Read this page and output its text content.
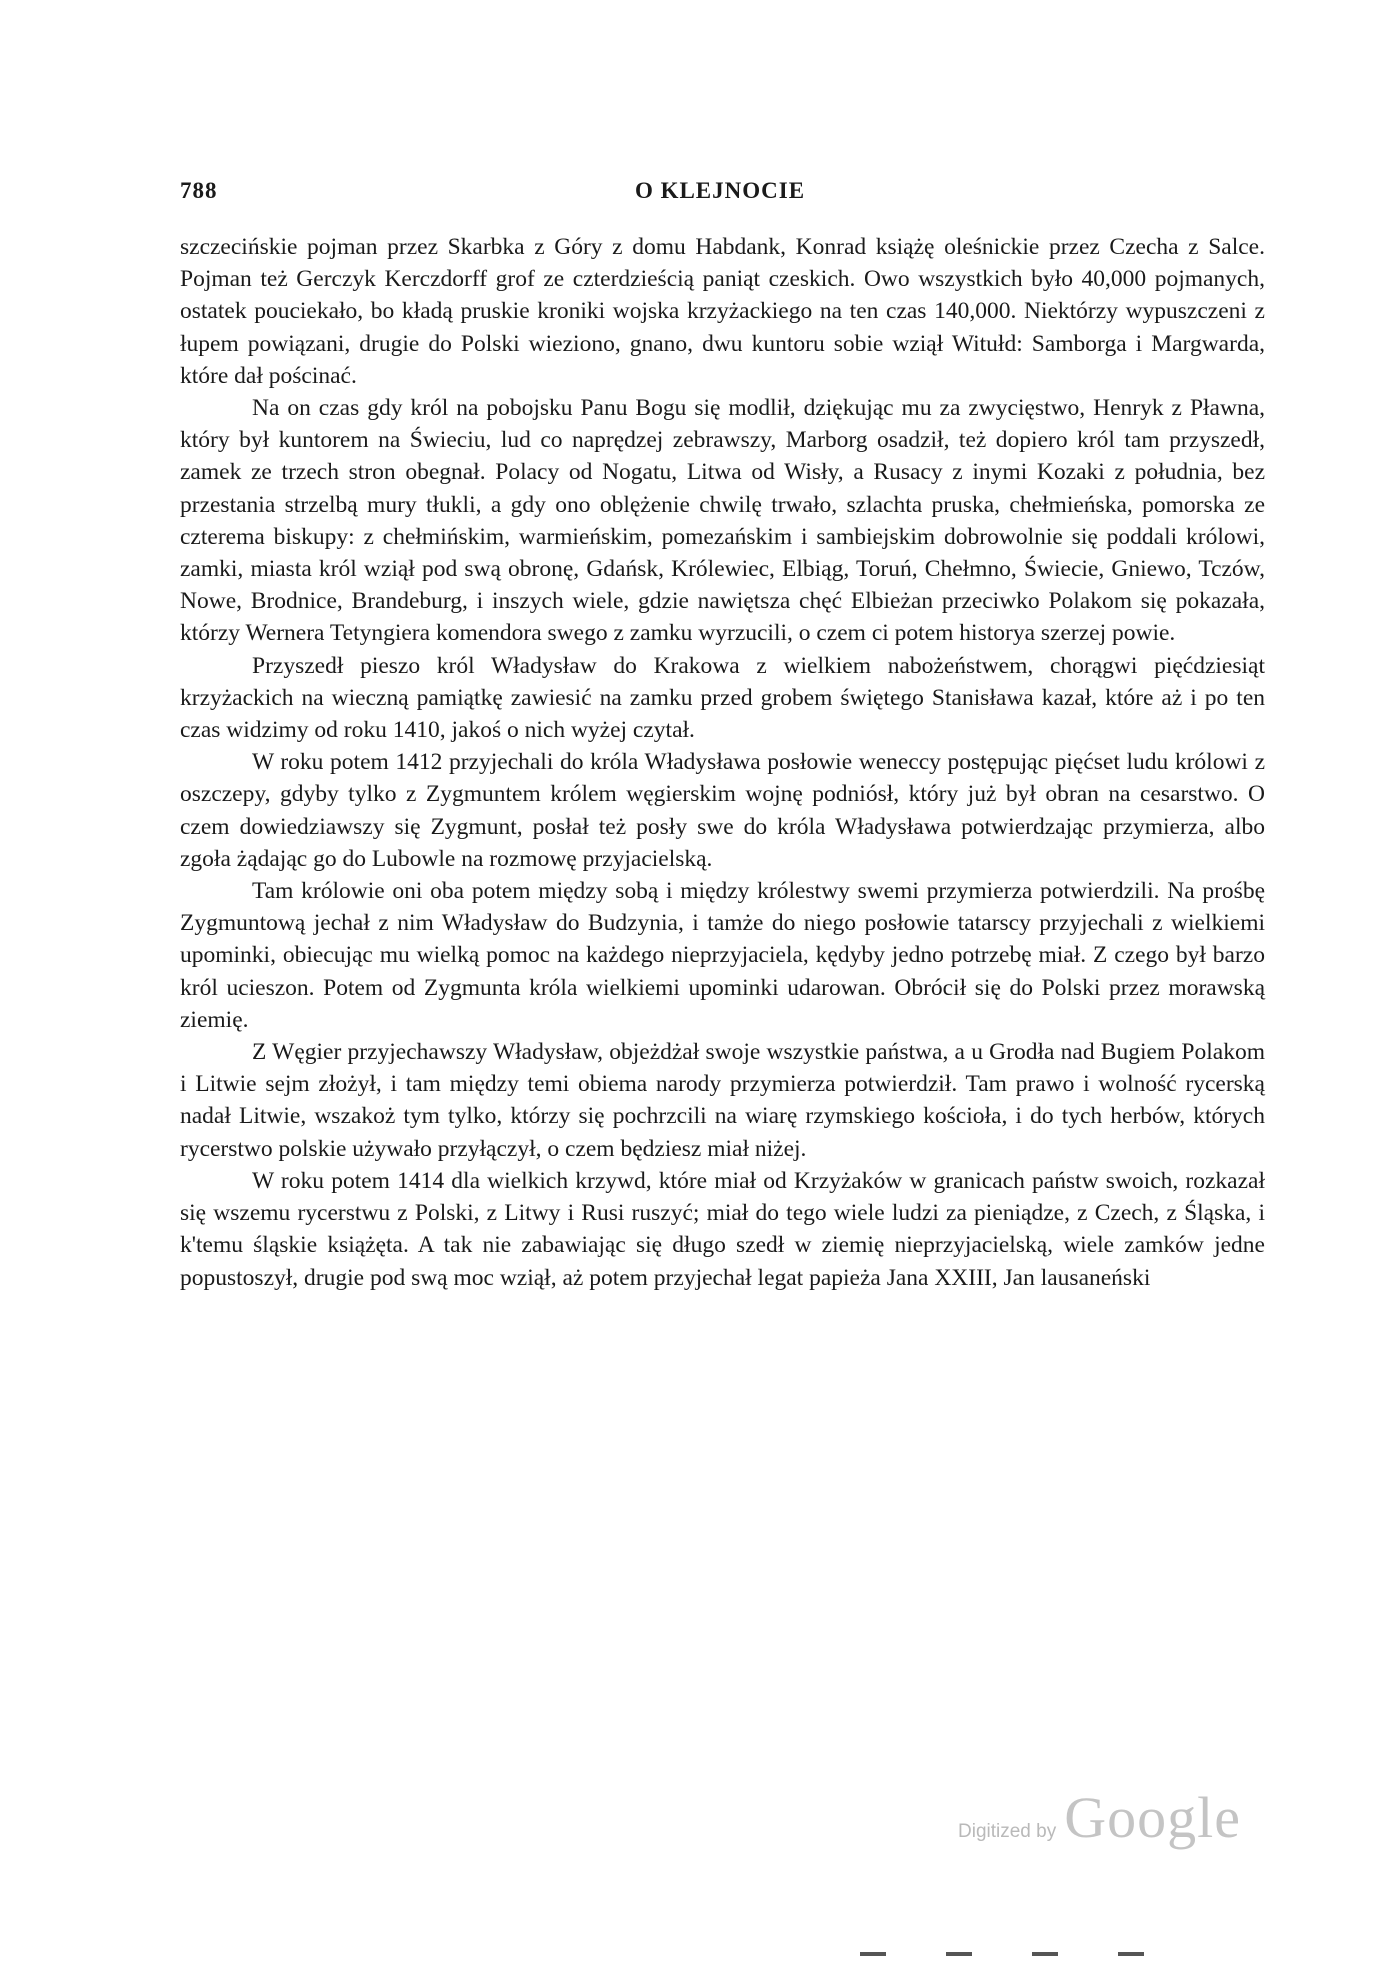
788	O KLEJNOCIE

szczecińskie pojman przez Skarbka z Góry z domu Habdank, Konrad książę oleśnickie przez Czecha z Salce. Pojman też Gerczyk Kerczdorff grof ze czterdzieścią paniąt czeskich. Owo wszystkich było 40,000 pojmanych, ostatek pouciekało, bo kładą pruskie kroniki wojska krzyżackiego na ten czas 140,000. Niektórzy wypuszczeni z łupem powiązani, drugie do Polski wieziono, gnano, dwu kuntoru sobie wziął Witułd: Samborga i Margwarda, które dał pościnać.

Na on czas gdy król na pobojsku Panu Bogu się modlił, dziękując mu za zwycięstwo, Henryk z Pławna, który był kuntorem na Świeciu, lud co naprędzej zebrawszy, Marborg osadził, też dopiero król tam przyszedł, zamek ze trzech stron obegnał. Polacy od Nogatu, Litwa od Wisły, a Rusacy z inymi Kozaki z południa, bez przestania strzelbą mury tłukli, a gdy ono oblężenie chwilę trwało, szlachta pruska, chełmieńska, pomorska ze czterema biskupy: z chełmińskim, warmieńskim, pomezańskim i sambiejskim dobrowolnie się poddali królowi, zamki, miasta król wziął pod swą obronę, Gdańsk, Królewiec, Elbiąg, Toruń, Chełmno, Świecie, Gniewo, Tczów, Nowe, Brodnice, Brandeburg, i inszych wiele, gdzie nawiętsza chęć Elbieżan przeciwko Polakom się pokazała, którzy Wernera Tetyngiera komendora swego z zamku wyrzucili, o czem ci potem historya szerzej powie.

Przyszedł pieszo król Władysław do Krakowa z wielkiem nabożeństwem, chorągwi pięćdziesiąt krzyżackich na wieczną pamiątkę zawiesić na zamku przed grobem świętego Stanisława kazał, które aż i po ten czas widzimy od roku 1410, jakoś o nich wyżej czytał.

W roku potem 1412 przyjechali do króla Władysława posłowie weneccy postępując pięćset ludu królowi z oszczepy, gdyby tylko z Zygmuntem królem węgierskim wojnę podniósł, który już był obran na cesarstwo. O czem dowiedziawszy się Zygmunt, posłał też posły swe do króla Władysława potwierdzając przymierza, albo zgoła żądając go do Lubowle na rozmowę przyjacielską.

Tam królowie oni oba potem między sobą i między królestwy swemi przymierza potwierdzili. Na prośbę Zygmuntową jechał z nim Władysław do Budzynia, i tamże do niego posłowie tatarscy przyjechali z wielkiemi upominki, obiecując mu wielką pomoc na każdego nieprzyjaciela, kędyby jedno potrzebę miał. Z czego był barzo król ucieszon. Potem od Zygmunta króla wielkiemi upominki udarowan. Obrócił się do Polski przez morawską ziemię.

Z Węgier przyjechawszy Władysław, objeżdżał swoje wszystkie państwa, a u Grodła nad Bugiem Polakom i Litwie sejm złożył, i tam między temi obiema narody przymierza potwierdził. Tam prawo i wolność rycerską nadał Litwie, wszakoż tym tylko, którzy się pochrzcili na wiarę rzymskiego kościoła, i do tych herbów, których rycerstwo polskie używało przyłączył, o czem będziesz miał niżej.

W roku potem 1414 dla wielkich krzywd, które miał od Krzyżaków w granicach państw swoich, rozkazał się wszemu rycerstwu z Polski, z Litwy i Rusi ruszyć; miał do tego wiele ludzi za pieniądze, z Czech, z Śląska, i k'temu śląskie książęta. A tak nie zabawiając się długo szedł w ziemię nieprzyjacielską, wiele zamków jedne popustoszył, drugie pod swą moc wziął, aż potem przyjechał legat papieża Jana XXIII, Jan lausaneński

Digitized by Google
